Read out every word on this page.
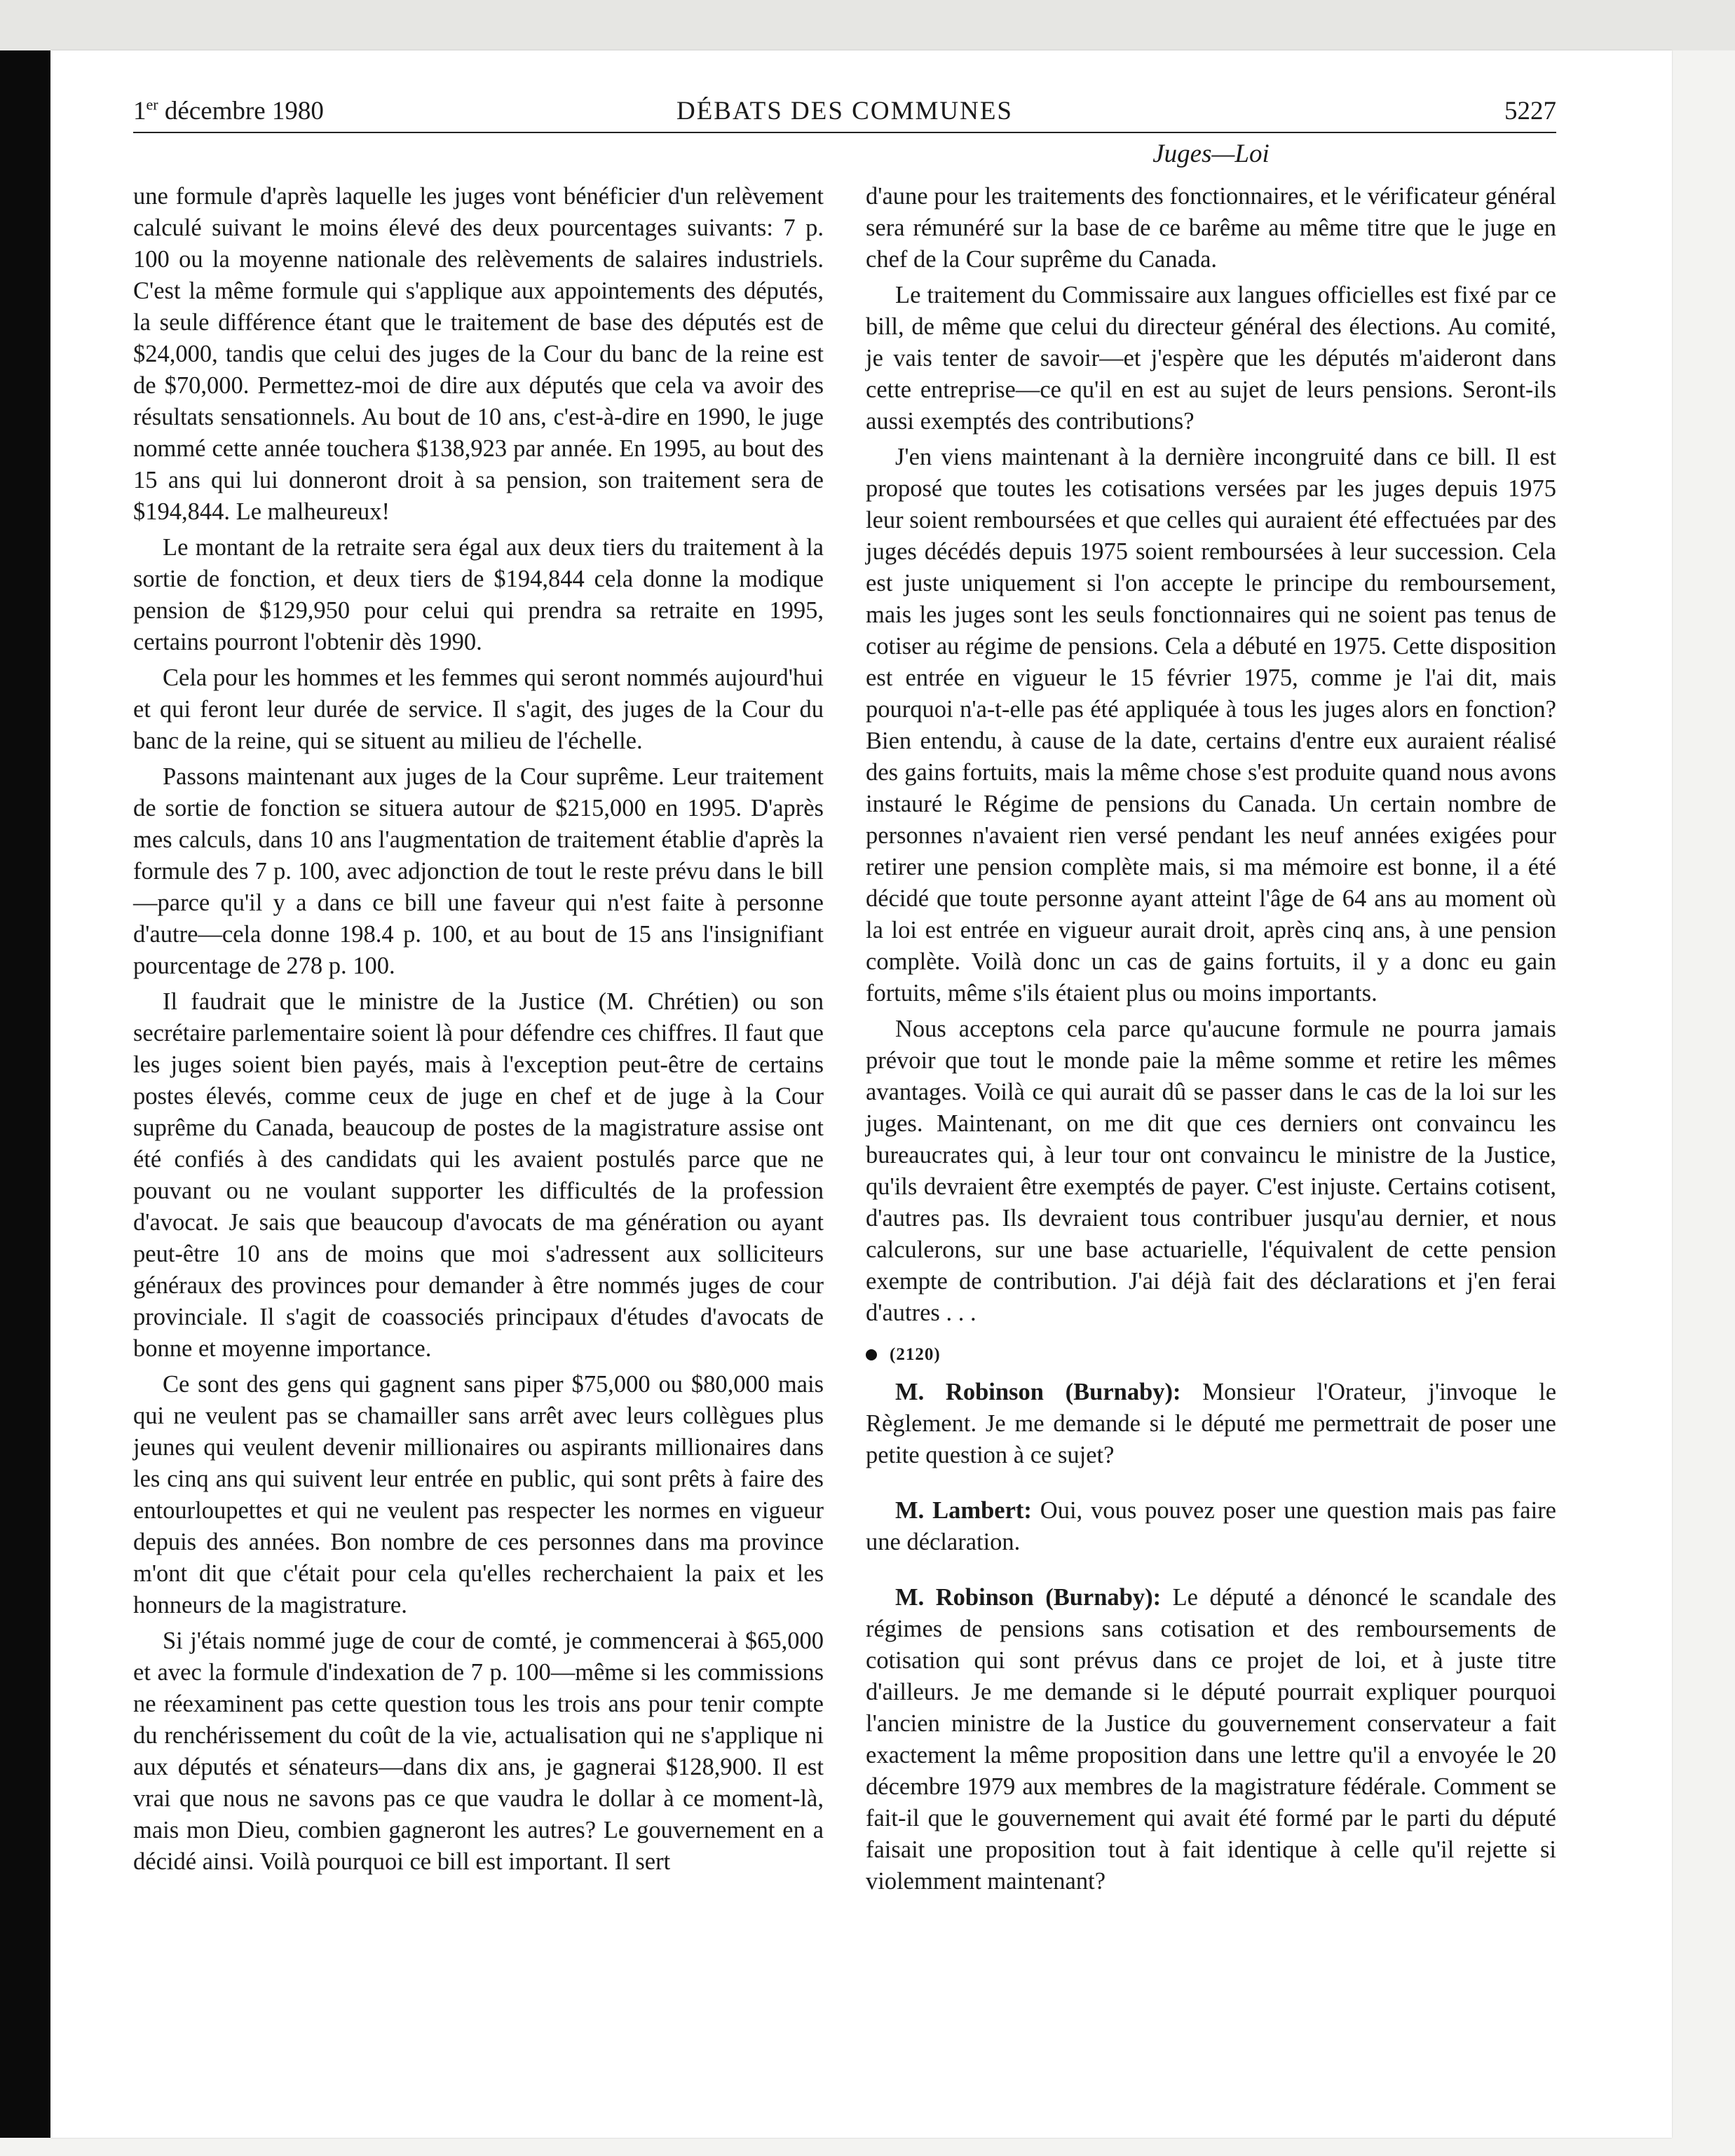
1er décembre 1980	DÉBATS DES COMMUNES	5227
Juges—Loi

une formule d'après laquelle les juges vont bénéficier d'un relèvement calculé suivant le moins élevé des deux pourcentages suivants: 7 p. 100 ou la moyenne nationale des relèvements de salaires industriels. C'est la même formule qui s'applique aux appointements des députés, la seule différence étant que le traitement de base des députés est de $24,000, tandis que celui des juges de la Cour du banc de la reine est de $70,000. Permettez-moi de dire aux députés que cela va avoir des résultats sensationnels. Au bout de 10 ans, c'est-à-dire en 1990, le juge nommé cette année touchera $138,923 par année. En 1995, au bout des 15 ans qui lui donneront droit à sa pension, son traitement sera de $194,844. Le malheureux!

Le montant de la retraite sera égal aux deux tiers du traitement à la sortie de fonction, et deux tiers de $194,844 cela donne la modique pension de $129,950 pour celui qui prendra sa retraite en 1995, certains pourront l'obtenir dès 1990.

Cela pour les hommes et les femmes qui seront nommés aujourd'hui et qui feront leur durée de service. Il s'agit, des juges de la Cour du banc de la reine, qui se situent au milieu de l'échelle.

Passons maintenant aux juges de la Cour suprême. Leur traitement de sortie de fonction se situera autour de $215,000 en 1995. D'après mes calculs, dans 10 ans l'augmentation de traitement établie d'après la formule des 7 p. 100, avec adjonction de tout le reste prévu dans le bill—parce qu'il y a dans ce bill une faveur qui n'est faite à personne d'autre—cela donne 198.4 p. 100, et au bout de 15 ans l'insignifiant pourcentage de 278 p. 100.

Il faudrait que le ministre de la Justice (M. Chrétien) ou son secrétaire parlementaire soient là pour défendre ces chiffres. Il faut que les juges soient bien payés, mais à l'exception peut-être de certains postes élevés, comme ceux de juge en chef et de juge à la Cour suprême du Canada, beaucoup de postes de la magistrature assise ont été confiés à des candidats qui les avaient postulés parce que ne pouvant ou ne voulant supporter les difficultés de la profession d'avocat. Je sais que beaucoup d'avocats de ma génération ou ayant peut-être 10 ans de moins que moi s'adressent aux solliciteurs généraux des provinces pour demander à être nommés juges de cour provinciale. Il s'agit de coassociés principaux d'études d'avocats de bonne et moyenne importance.

Ce sont des gens qui gagnent sans piper $75,000 ou $80,000 mais qui ne veulent pas se chamailler sans arrêt avec leurs collègues plus jeunes qui veulent devenir millionaires ou aspirants millionaires dans les cinq ans qui suivent leur entrée en public, qui sont prêts à faire des entourloupettes et qui ne veulent pas respecter les normes en vigueur depuis des années. Bon nombre de ces personnes dans ma province m'ont dit que c'était pour cela qu'elles recherchaient la paix et les honneurs de la magistrature.

Si j'étais nommé juge de cour de comté, je commencerai à $65,000 et avec la formule d'indexation de 7 p. 100—même si les commissions ne réexaminent pas cette question tous les trois ans pour tenir compte du renchérissement du coût de la vie, actualisation qui ne s'applique ni aux députés et sénateurs—dans dix ans, je gagnerai $128,900. Il est vrai que nous ne savons pas ce que vaudra le dollar à ce moment-là, mais mon Dieu, combien gagneront les autres? Le gouvernement en a décidé ainsi. Voilà pourquoi ce bill est important. Il sert

d'aune pour les traitements des fonctionnaires, et le vérificateur général sera rémunéré sur la base de ce barême au même titre que le juge en chef de la Cour suprême du Canada.

Le traitement du Commissaire aux langues officielles est fixé par ce bill, de même que celui du directeur général des élections. Au comité, je vais tenter de savoir—et j'espère que les députés m'aideront dans cette entreprise—ce qu'il en est au sujet de leurs pensions. Seront-ils aussi exemptés des contributions?

J'en viens maintenant à la dernière incongruité dans ce bill. Il est proposé que toutes les cotisations versées par les juges depuis 1975 leur soient remboursées et que celles qui auraient été effectuées par des juges décédés depuis 1975 soient remboursées à leur succession. Cela est juste uniquement si l'on accepte le principe du remboursement, mais les juges sont les seuls fonctionnaires qui ne soient pas tenus de cotiser au régime de pensions. Cela a débuté en 1975. Cette disposition est entrée en vigueur le 15 février 1975, comme je l'ai dit, mais pourquoi n'a-t-elle pas été appliquée à tous les juges alors en fonction? Bien entendu, à cause de la date, certains d'entre eux auraient réalisé des gains fortuits, mais la même chose s'est produite quand nous avons instauré le Régime de pensions du Canada. Un certain nombre de personnes n'avaient rien versé pendant les neuf années exigées pour retirer une pension complète mais, si ma mémoire est bonne, il a été décidé que toute personne ayant atteint l'âge de 64 ans au moment où la loi est entrée en vigueur aurait droit, après cinq ans, à une pension complète. Voilà donc un cas de gains fortuits, il y a donc eu gain fortuits, même s'ils étaient plus ou moins importants.

Nous acceptons cela parce qu'aucune formule ne pourra jamais prévoir que tout le monde paie la même somme et retire les mêmes avantages. Voilà ce qui aurait dû se passer dans le cas de la loi sur les juges. Maintenant, on me dit que ces derniers ont convaincu les bureaucrates qui, à leur tour ont convaincu le ministre de la Justice, qu'ils devraient être exemptés de payer. C'est injuste. Certains cotisent, d'autres pas. Ils devraient tous contribuer jusqu'au dernier, et nous calculerons, sur une base actuarielle, l'équivalent de cette pension exempte de contribution. J'ai déjà fait des déclarations et j'en ferai d'autres . . .

(2120)

M. Robinson (Burnaby): Monsieur l'Orateur, j'invoque le Règlement. Je me demande si le député me permettrait de poser une petite question à ce sujet?

M. Lambert: Oui, vous pouvez poser une question mais pas faire une déclaration.

M. Robinson (Burnaby): Le député a dénoncé le scandale des régimes de pensions sans cotisation et des remboursements de cotisation qui sont prévus dans ce projet de loi, et à juste titre d'ailleurs. Je me demande si le député pourrait expliquer pourquoi l'ancien ministre de la Justice du gouvernement conservateur a fait exactement la même proposition dans une lettre qu'il a envoyée le 20 décembre 1979 aux membres de la magistrature fédérale. Comment se fait-il que le gouvernement qui avait été formé par le parti du député faisait une proposition tout à fait identique à celle qu'il rejette si violemment maintenant?
